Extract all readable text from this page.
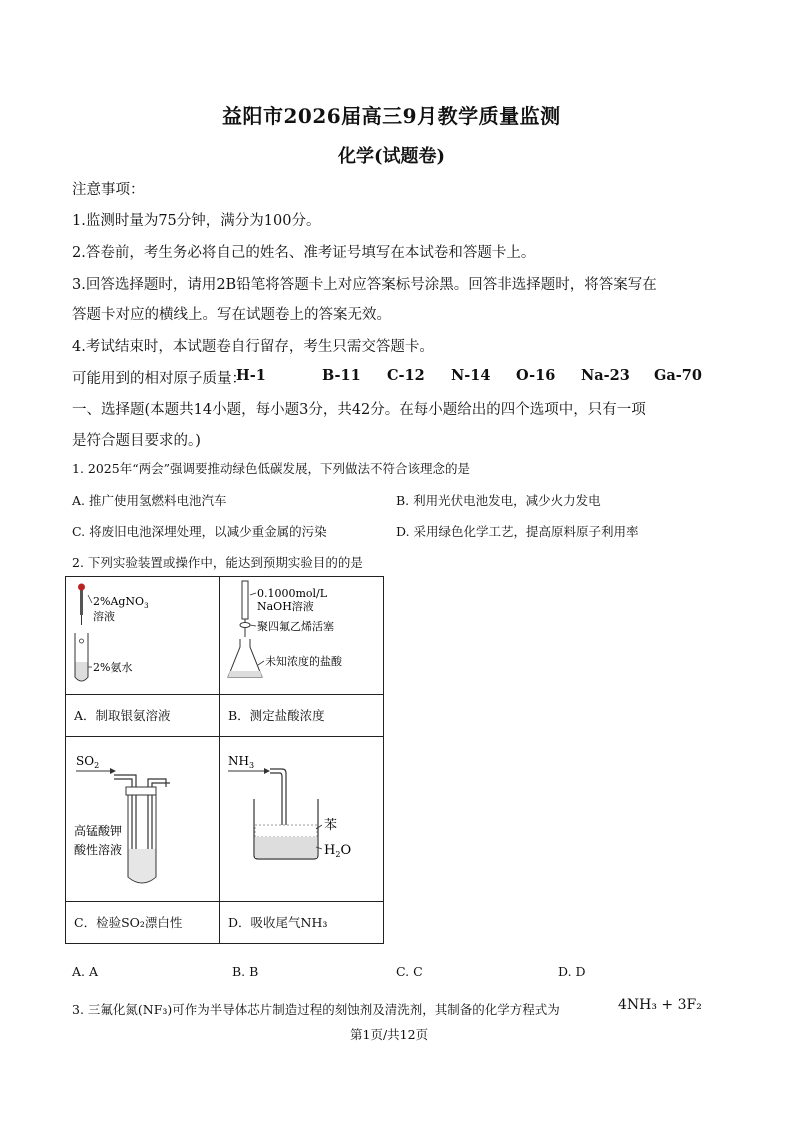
益阳市2026届高三9月教学质量监测
化学(试题卷)
注意事项：
1.监测时量为75分钟，满分为100分。
2.答卷前，考生务必将自己的姓名、准考证号填写在本试卷和答题卡上。
3.回答选择题时，请用2B铅笔将答题卡上对应答案标号涂黑。回答非选择题时，将答案写在
答题卡对应的横线上。写在试题卷上的答案无效。
4.考试结束时，本试题卷自行留存，考生只需交答题卡。
可能用到的相对原子质量：
H-1	B-11 C-12 N-14 O-16 Na-23 Ga-70
一、选择题(本题共14小题，每小题3分，共42分。在每小题给出的四个选项中，只有一项
是符合题目要求的。)
1. 2025年“两会”强调要推动绿色低碳发展，下列做法不符合该理念的是
A. 推广使用氢燃料电池汽车	B. 利用光伏电池发电，减少火力发电
C. 将废旧电池深埋处理，以减少重金属的污染	D. 采用绿色化学工艺，提高原料原子利用率
2. 下列实验装置或操作中，能达到预期实验目的的是
2%AgNO$_3$
溶液
2%氨水	0.1000mol/L
NaOH溶液
聚四氟乙烯活塞
未知浓度的盐酸

A．制取银氨溶液	B．测定盐酸浓度

$SO_2$
高锰酸钾
酸性溶液	$NH_3$
苯
$H_2O$

C．检验SO₂漂白性	D．吸收尾气NH₃
A. A	B. B	C. C	D. D
3. 三氟化氮(NF₃)可作为半导体芯片制造过程的刻蚀剂及清洗剂，其制备的化学方程式为	4NH₃ + 3F₂
第1页/共12页
